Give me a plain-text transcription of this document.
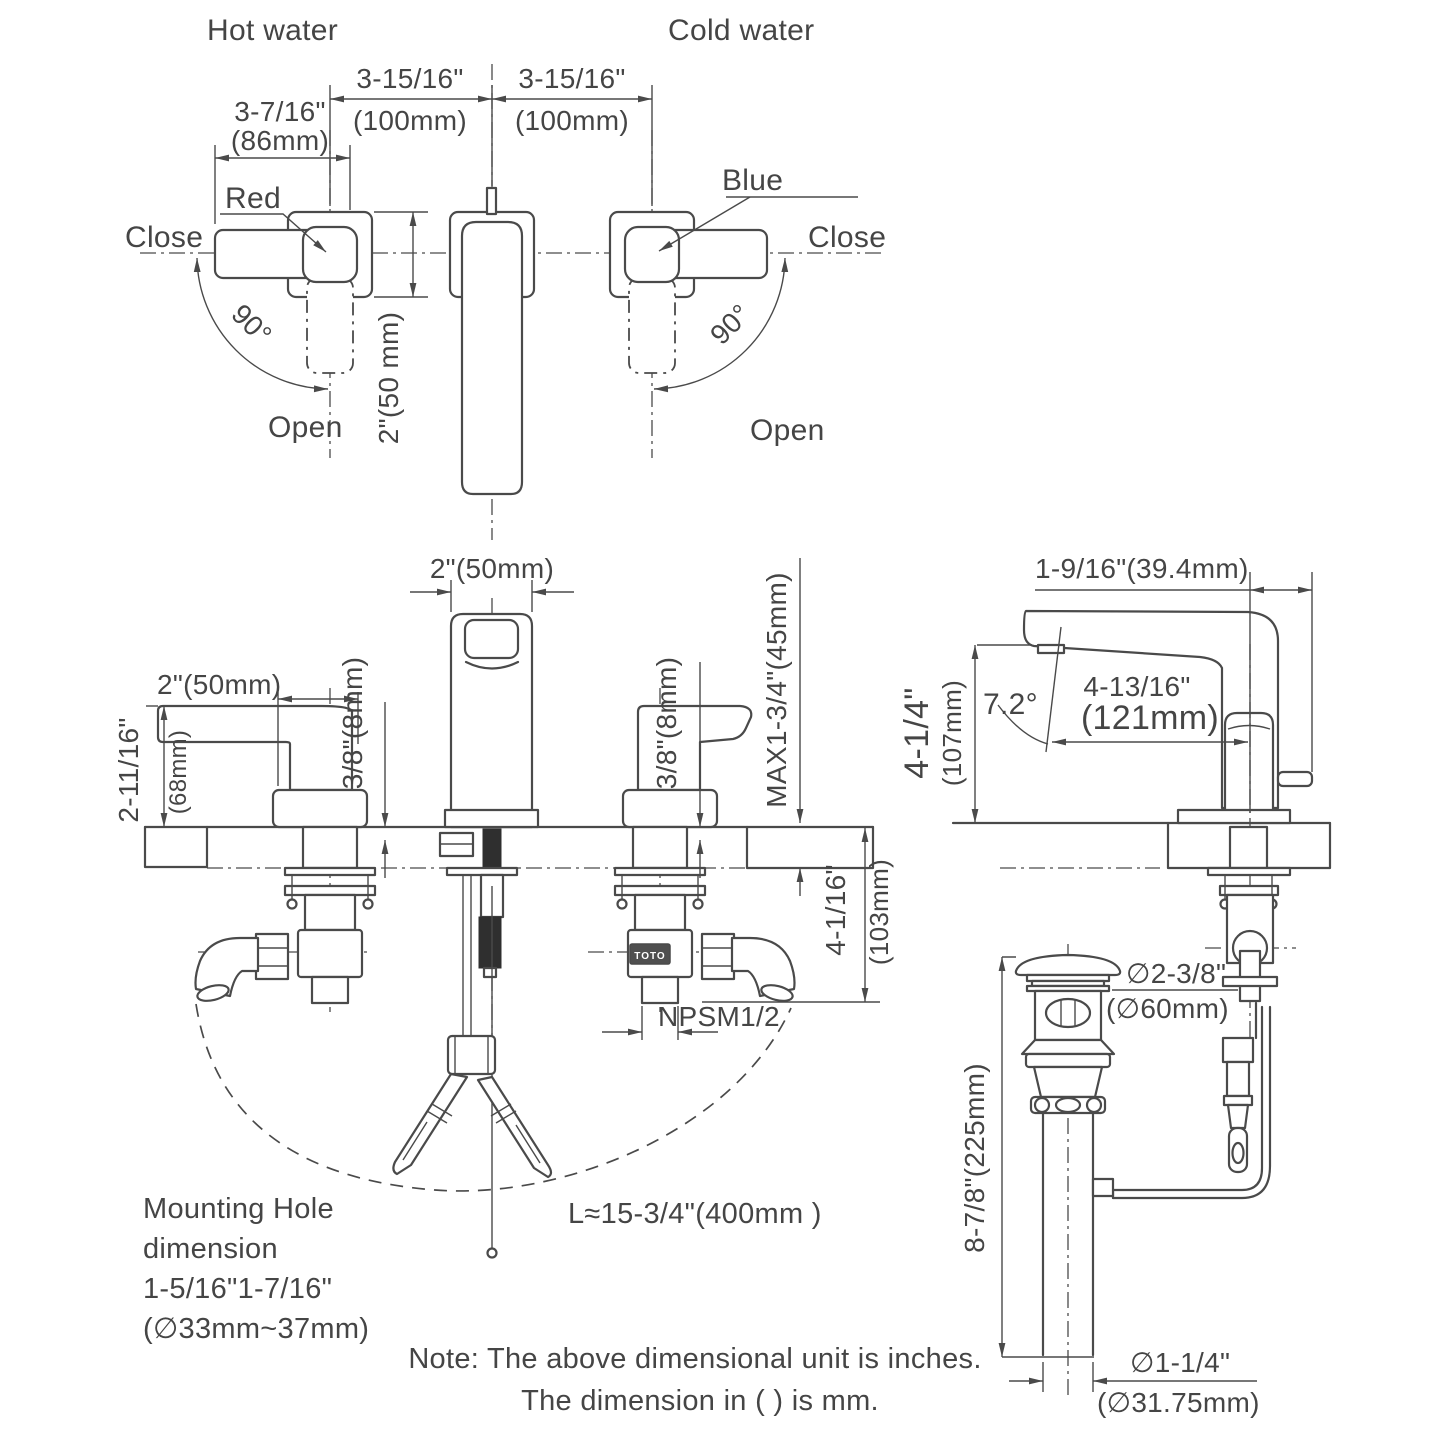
Hot water	Cold water
3-15/16"
(100mm)
3-15/16"
(100mm)
3-7/16"
(86mm)
2"(50 mm)
90°	90°
Red
Blue
Close	Close
Open	Open
TOTO
2"(50mm)
2-11/16" (68mm)
2"(50mm)
3/8"(8mm)	3/8"(8mm)	MAX1-3/4"(45mm)
4-1/16" (103mm)
NPSM1/2
L≈15-3/4"(400mm )
Mounting Hole
dimension
1-5/16"1-7/16"
(∅33mm~37mm)
1-9/16"(39.4mm)
4-1/4" (107mm) 7.2°
4-13/16"
(121mm)
∅2-3/8"
(∅60mm)
8-7/8"(225mm)
∅1-1/4"
(∅31.75mm)
Note: The above dimensional unit is inches.
The dimension in ( ) is mm.
